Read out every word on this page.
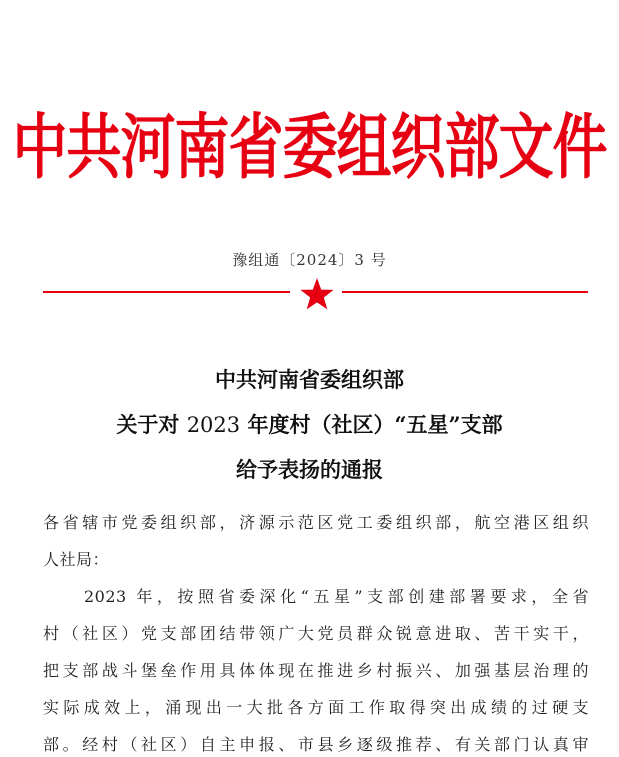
中共河南省委组织部文件
豫组通〔2024〕3 号
中共河南省委组织部
关于对 2023 年度村（社区）“五星”支部
给予表扬的通报
各省辖市党委组织部，济源示范区党工委组织部，航空港区组织
人社局：
2023 年，按照省委深化“五星”支部创建部署要求，全省
村（社区）党支部团结带领广大党员群众锐意进取、苦干实干，
把支部战斗堡垒作用具体体现在推进乡村振兴、加强基层治理的
实际成效上，涌现出一大批各方面工作取得突出成绩的过硬支
部。经村（社区）自主申报、市县乡逐级推荐、有关部门认真审
